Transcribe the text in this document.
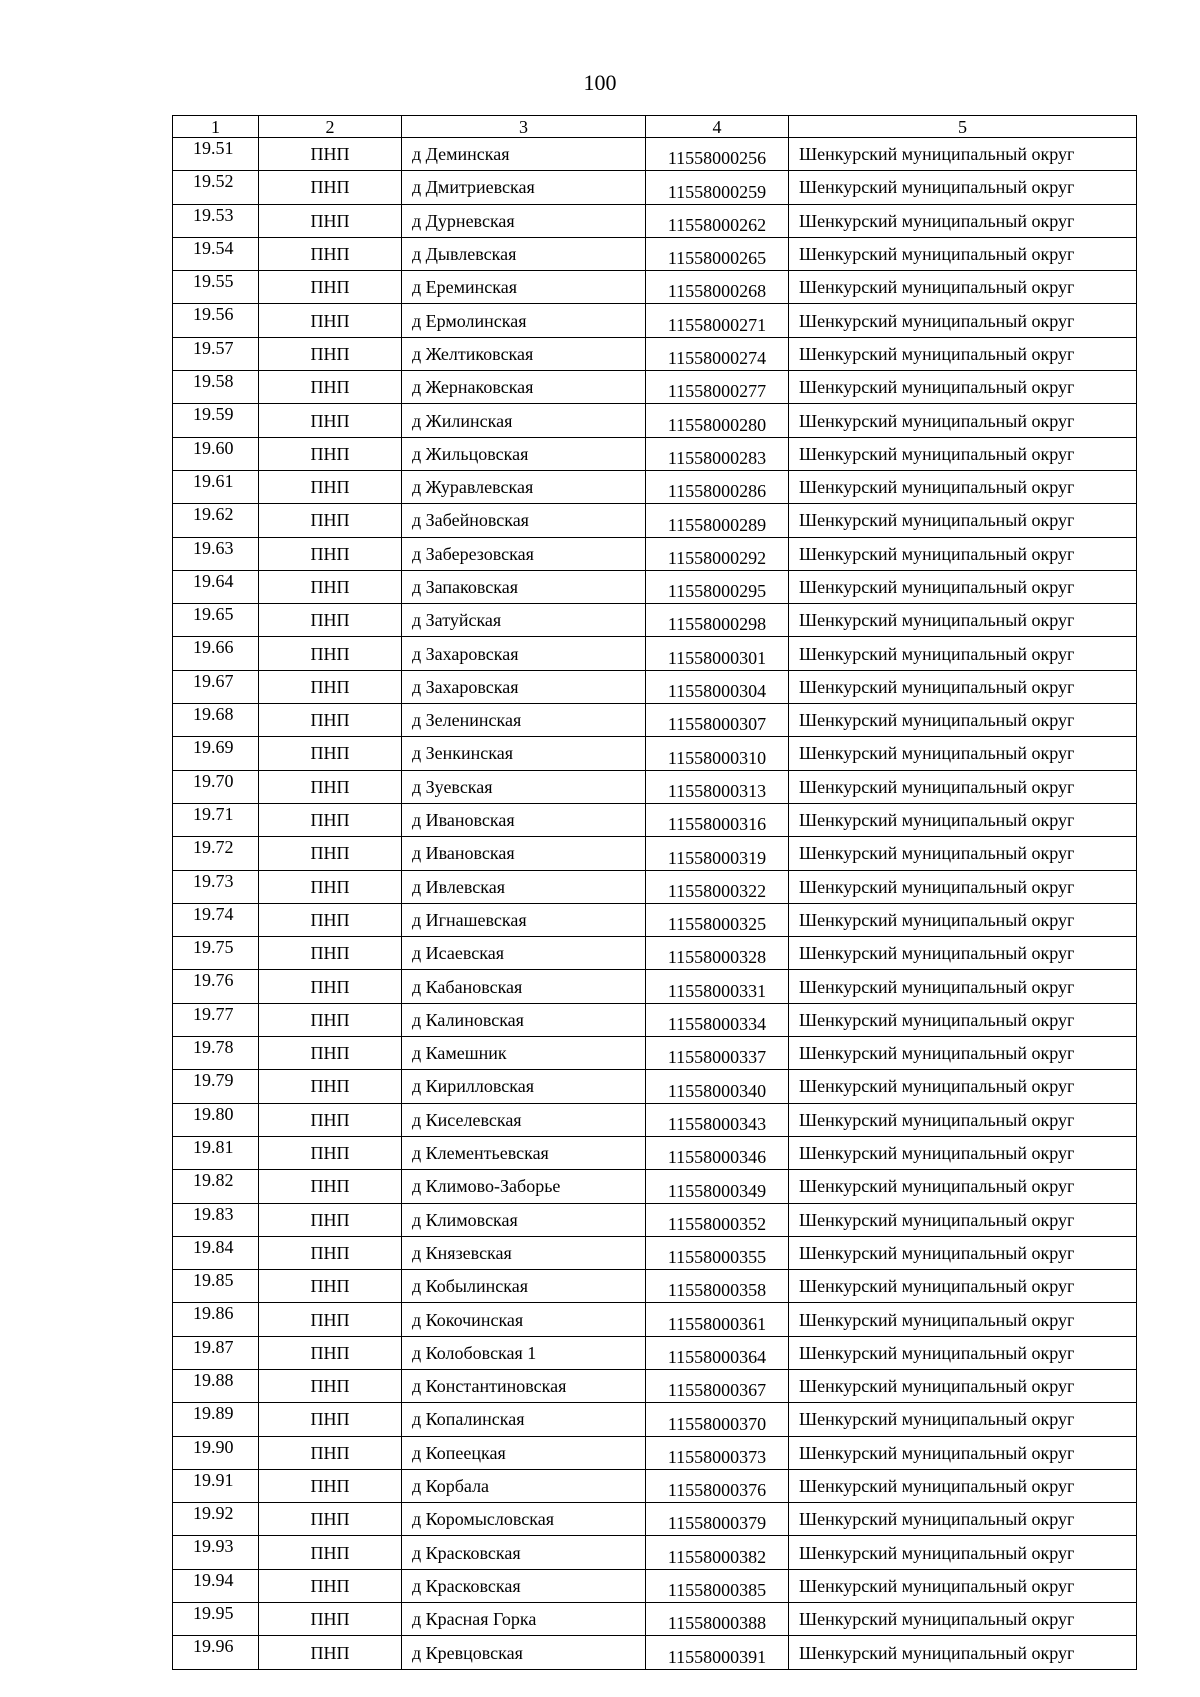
100
1	2	3	4	5
19.51	ПНП	д Деминская	11558000256	Шенкурский муниципальный округ
19.52	ПНП	д Дмитриевская	11558000259	Шенкурский муниципальный округ
19.53	ПНП	д Дурневская	11558000262	Шенкурский муниципальный округ
19.54	ПНП	д Дывлевская	11558000265	Шенкурский муниципальный округ
19.55	ПНП	д Ереминская	11558000268	Шенкурский муниципальный округ
19.56	ПНП	д Ермолинская	11558000271	Шенкурский муниципальный округ
19.57	ПНП	д Желтиковская	11558000274	Шенкурский муниципальный округ
19.58	ПНП	д Жернаковская	11558000277	Шенкурский муниципальный округ
19.59	ПНП	д Жилинская	11558000280	Шенкурский муниципальный округ
19.60	ПНП	д Жильцовская	11558000283	Шенкурский муниципальный округ
19.61	ПНП	д Журавлевская	11558000286	Шенкурский муниципальный округ
19.62	ПНП	д Забейновская	11558000289	Шенкурский муниципальный округ
19.63	ПНП	д Заберезовская	11558000292	Шенкурский муниципальный округ
19.64	ПНП	д Запаковская	11558000295	Шенкурский муниципальный округ
19.65	ПНП	д Затуйская	11558000298	Шенкурский муниципальный округ
19.66	ПНП	д Захаровская	11558000301	Шенкурский муниципальный округ
19.67	ПНП	д Захаровская	11558000304	Шенкурский муниципальный округ
19.68	ПНП	д Зеленинская	11558000307	Шенкурский муниципальный округ
19.69	ПНП	д Зенкинская	11558000310	Шенкурский муниципальный округ
19.70	ПНП	д Зуевская	11558000313	Шенкурский муниципальный округ
19.71	ПНП	д Ивановская	11558000316	Шенкурский муниципальный округ
19.72	ПНП	д Ивановская	11558000319	Шенкурский муниципальный округ
19.73	ПНП	д Ивлевская	11558000322	Шенкурский муниципальный округ
19.74	ПНП	д Игнашевская	11558000325	Шенкурский муниципальный округ
19.75	ПНП	д Исаевская	11558000328	Шенкурский муниципальный округ
19.76	ПНП	д Кабановская	11558000331	Шенкурский муниципальный округ
19.77	ПНП	д Калиновская	11558000334	Шенкурский муниципальный округ
19.78	ПНП	д Камешник	11558000337	Шенкурский муниципальный округ
19.79	ПНП	д Кирилловская	11558000340	Шенкурский муниципальный округ
19.80	ПНП	д Киселевская	11558000343	Шенкурский муниципальный округ
19.81	ПНП	д Клементьевская	11558000346	Шенкурский муниципальный округ
19.82	ПНП	д Климово-Заборье	11558000349	Шенкурский муниципальный округ
19.83	ПНП	д Климовская	11558000352	Шенкурский муниципальный округ
19.84	ПНП	д Князевская	11558000355	Шенкурский муниципальный округ
19.85	ПНП	д Кобылинская	11558000358	Шенкурский муниципальный округ
19.86	ПНП	д Кокочинская	11558000361	Шенкурский муниципальный округ
19.87	ПНП	д Колобовская 1	11558000364	Шенкурский муниципальный округ
19.88	ПНП	д Константиновская	11558000367	Шенкурский муниципальный округ
19.89	ПНП	д Копалинская	11558000370	Шенкурский муниципальный округ
19.90	ПНП	д Копеецкая	11558000373	Шенкурский муниципальный округ
19.91	ПНП	д Корбала	11558000376	Шенкурский муниципальный округ
19.92	ПНП	д Коромысловская	11558000379	Шенкурский муниципальный округ
19.93	ПНП	д Красковская	11558000382	Шенкурский муниципальный округ
19.94	ПНП	д Красковская	11558000385	Шенкурский муниципальный округ
19.95	ПНП	д Красная Горка	11558000388	Шенкурский муниципальный округ
19.96	ПНП	д Кревцовская	11558000391	Шенкурский муниципальный округ
